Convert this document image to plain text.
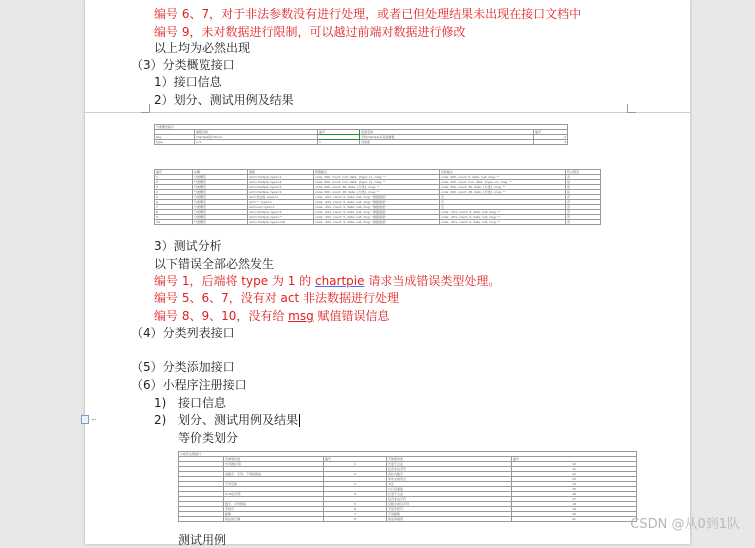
编号 6、7，对于非法参数没有进行处理，或者已但处理结果未出现在接口文档中
编号 9，未对数据进行限制，可以越过前端对数据进行修改
以上均为必然出现
（3）分类概览接口
1）接口信息
2）划分、测试用例及结果
分类概览接口				
	参数名称	编号	变量名称	编号
key	chartpie的ordinal		否则chartpie为其他参数	2
type	1-3	1	其他值	4
编号	步骤	参数	预期输出	实际输出	符合情况
1	分类概览	act=chartpie, type=1	code: 200, count: null, data: {type: 1}, msg: ""	code: 400, count: 0, data: null, msg: ""	否
2	分类概览	act=chartpie, type=2	code: 200, count: null, data: {type: 2}, msg: ""	code: 200, count: null, data: {type: 2}, msg: ""	是
3	分类概览	act=chartpie, type=3	code: 200, count: 36, data: {分类}, msg: ""	code: 200, count: 36, data: {分类}, msg: ""	是
4	分类概览	act=chartpie, type=4	code: 200, count: 28, data: {分类}, msg: ""	code: 200, count: 28, data: {分类}, msg: ""	是
5	分类概览	act=非法值, type=1	code: -201, count: 0, data: null, msg: "参数错误"	空	否
6	分类概览	act="", type=1	code: -201, count: 0, data: null, msg: "参数错误"	空	否
7	分类概览	act=null, type=1	code: -201, count: 0, data: null, msg: "参数错误"	空	否
8	分类概览	act=chartpie, type=5	code: -201, count: 0, data: null, msg: "参数错误"	code: -201, count: 0, data: null, msg: ""	否
9	分类概览	act=chartpie, type=""	code: -201, count: 0, data: null, msg: "参数错误"	code: -201, count: 0, data: null, msg: ""	否
10	分类概览	act=chartpie, type=null	code: -201, count: 0, data: null, msg: "参数错误"	code: -201, count: 0, data: null, msg: ""	否
3）测试分析
以下错误全部必然发生
编号 1，后端将 type 为 1 的 chartpie 请求当成错误类型处理。
编号 5、6、7，没有对 act 非法数据进行处理
编号 8、9、10，没有给 msg 赋值错误信息
（4）分类列表接口
（5）分类添加接口
（6）小程序注册接口
1) 接口信息
2) 划分、测试用例及结果
等价类划分
小程序注册接口				
	有效等价类	编号	无效等价类	编号
	中/英数字等	1	长度不合法	10
			包含非法字符	11
	由数字、字母、下划线组成	2	首位为数字	12
			非中文或英文	13
	不含空格	3	为空	14
			与已有重复	15
	6-16位字符	4	长度不合法	16
			包含非法字符	17
	数字、字母组成	5	仅数字或仅字母	18
	手机号	6	不是手机号	19
	邮箱	7	不是邮箱	20
	验证码正确	8	验证码错误	21
测试用例
CSDN @从0到1队
